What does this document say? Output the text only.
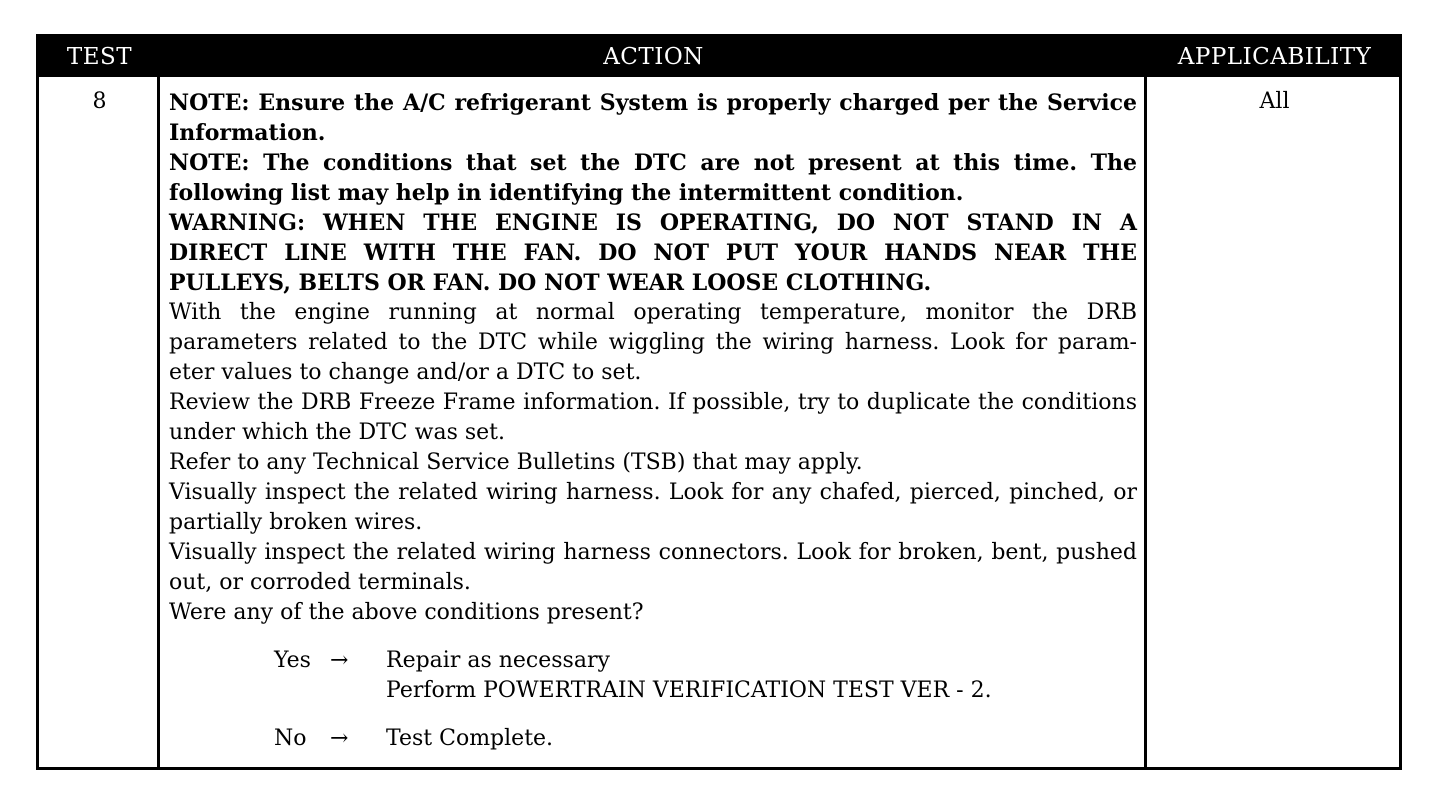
TEST	ACTION	APPLICABILITY
8	NOTE: Ensure the A/C refrigerant System is properly charged per the Service Information.

NOTE: The conditions that set the DTC are not present at this time. The following list may help in identifying the intermittent condition.

WARNING: WHEN THE ENGINE IS OPERATING, DO NOT STAND IN A DIRECT LINE WITH THE FAN. DO NOT PUT YOUR HANDS NEAR THE PULLEYS, BELTS OR FAN. DO NOT WEAR LOOSE CLOTHING.

With the engine running at normal operating temperature, monitor the DRB parameters related to the DTC while wiggling the wiring harness. Look for param-eter values to change and/or a DTC to set.

Review the DRB Freeze Frame information. If possible, try to duplicate the conditions under which the DTC was set.

Refer to any Technical Service Bulletins (TSB) that may apply.

Visually inspect the related wiring harness. Look for any chafed, pierced, pinched, or partially broken wires.

Visually inspect the related wiring harness connectors. Look for broken, bent, pushed out, or corroded terminals.

Were any of the above conditions present?

Yes →	Repair as necessary
Perform POWERTRAIN VERIFICATION TEST VER - 2.
No	→	Test Complete.
All
